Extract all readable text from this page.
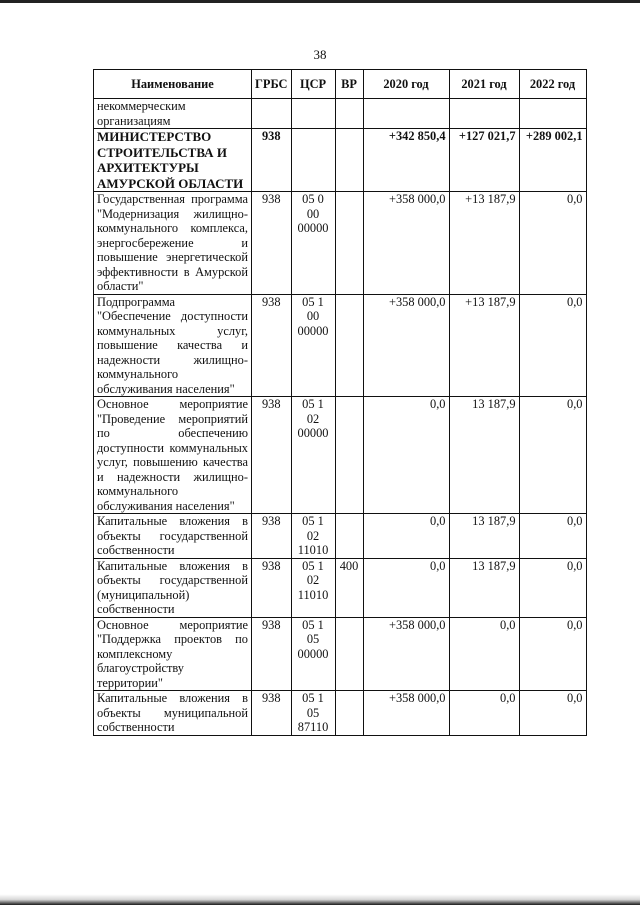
38
Наименование	ГРБС	ЦСР	ВР	2020 год	2021 год	2022 год
некоммерческим организациям						
МИНИСТЕРСТВО СТРОИТЕЛЬСТВА И АРХИТЕКТУРЫ АМУРСКОЙ ОБЛАСТИ	938			+342 850,4	+127 021,7	+289 002,1
Государственная программа "Модернизация жилищно-коммунального комплекса, энергосбережение и повышение энергетической эффективности в Амурской области"	938	05 0 00 00000		+358 000,0	+13 187,9	0,0
Подпрограмма "Обеспечение доступности коммунальных услуг, повышение качества и надежности жилищно-коммунального обслуживания населения"	938	05 1 00 00000		+358 000,0	+13 187,9	0,0
Основное мероприятие "Проведение мероприятий по обеспечению доступности коммунальных услуг, повышению качества и надежности жилищно-коммунального обслуживания населения"	938	05 1 02 00000		0,0	13 187,9	0,0
Капитальные вложения в объекты государственной собственности	938	05 1 02 11010		0,0	13 187,9	0,0
Капитальные вложения в объекты государственной (муниципальной) собственности	938	05 1 02 11010	400	0,0	13 187,9	0,0
Основное мероприятие "Поддержка проектов по комплексному благоустройству территории"	938	05 1 05 00000		+358 000,0	0,0	0,0
Капитальные вложения в объекты муниципальной собственности	938	05 1 05 87110		+358 000,0	0,0	0,0
